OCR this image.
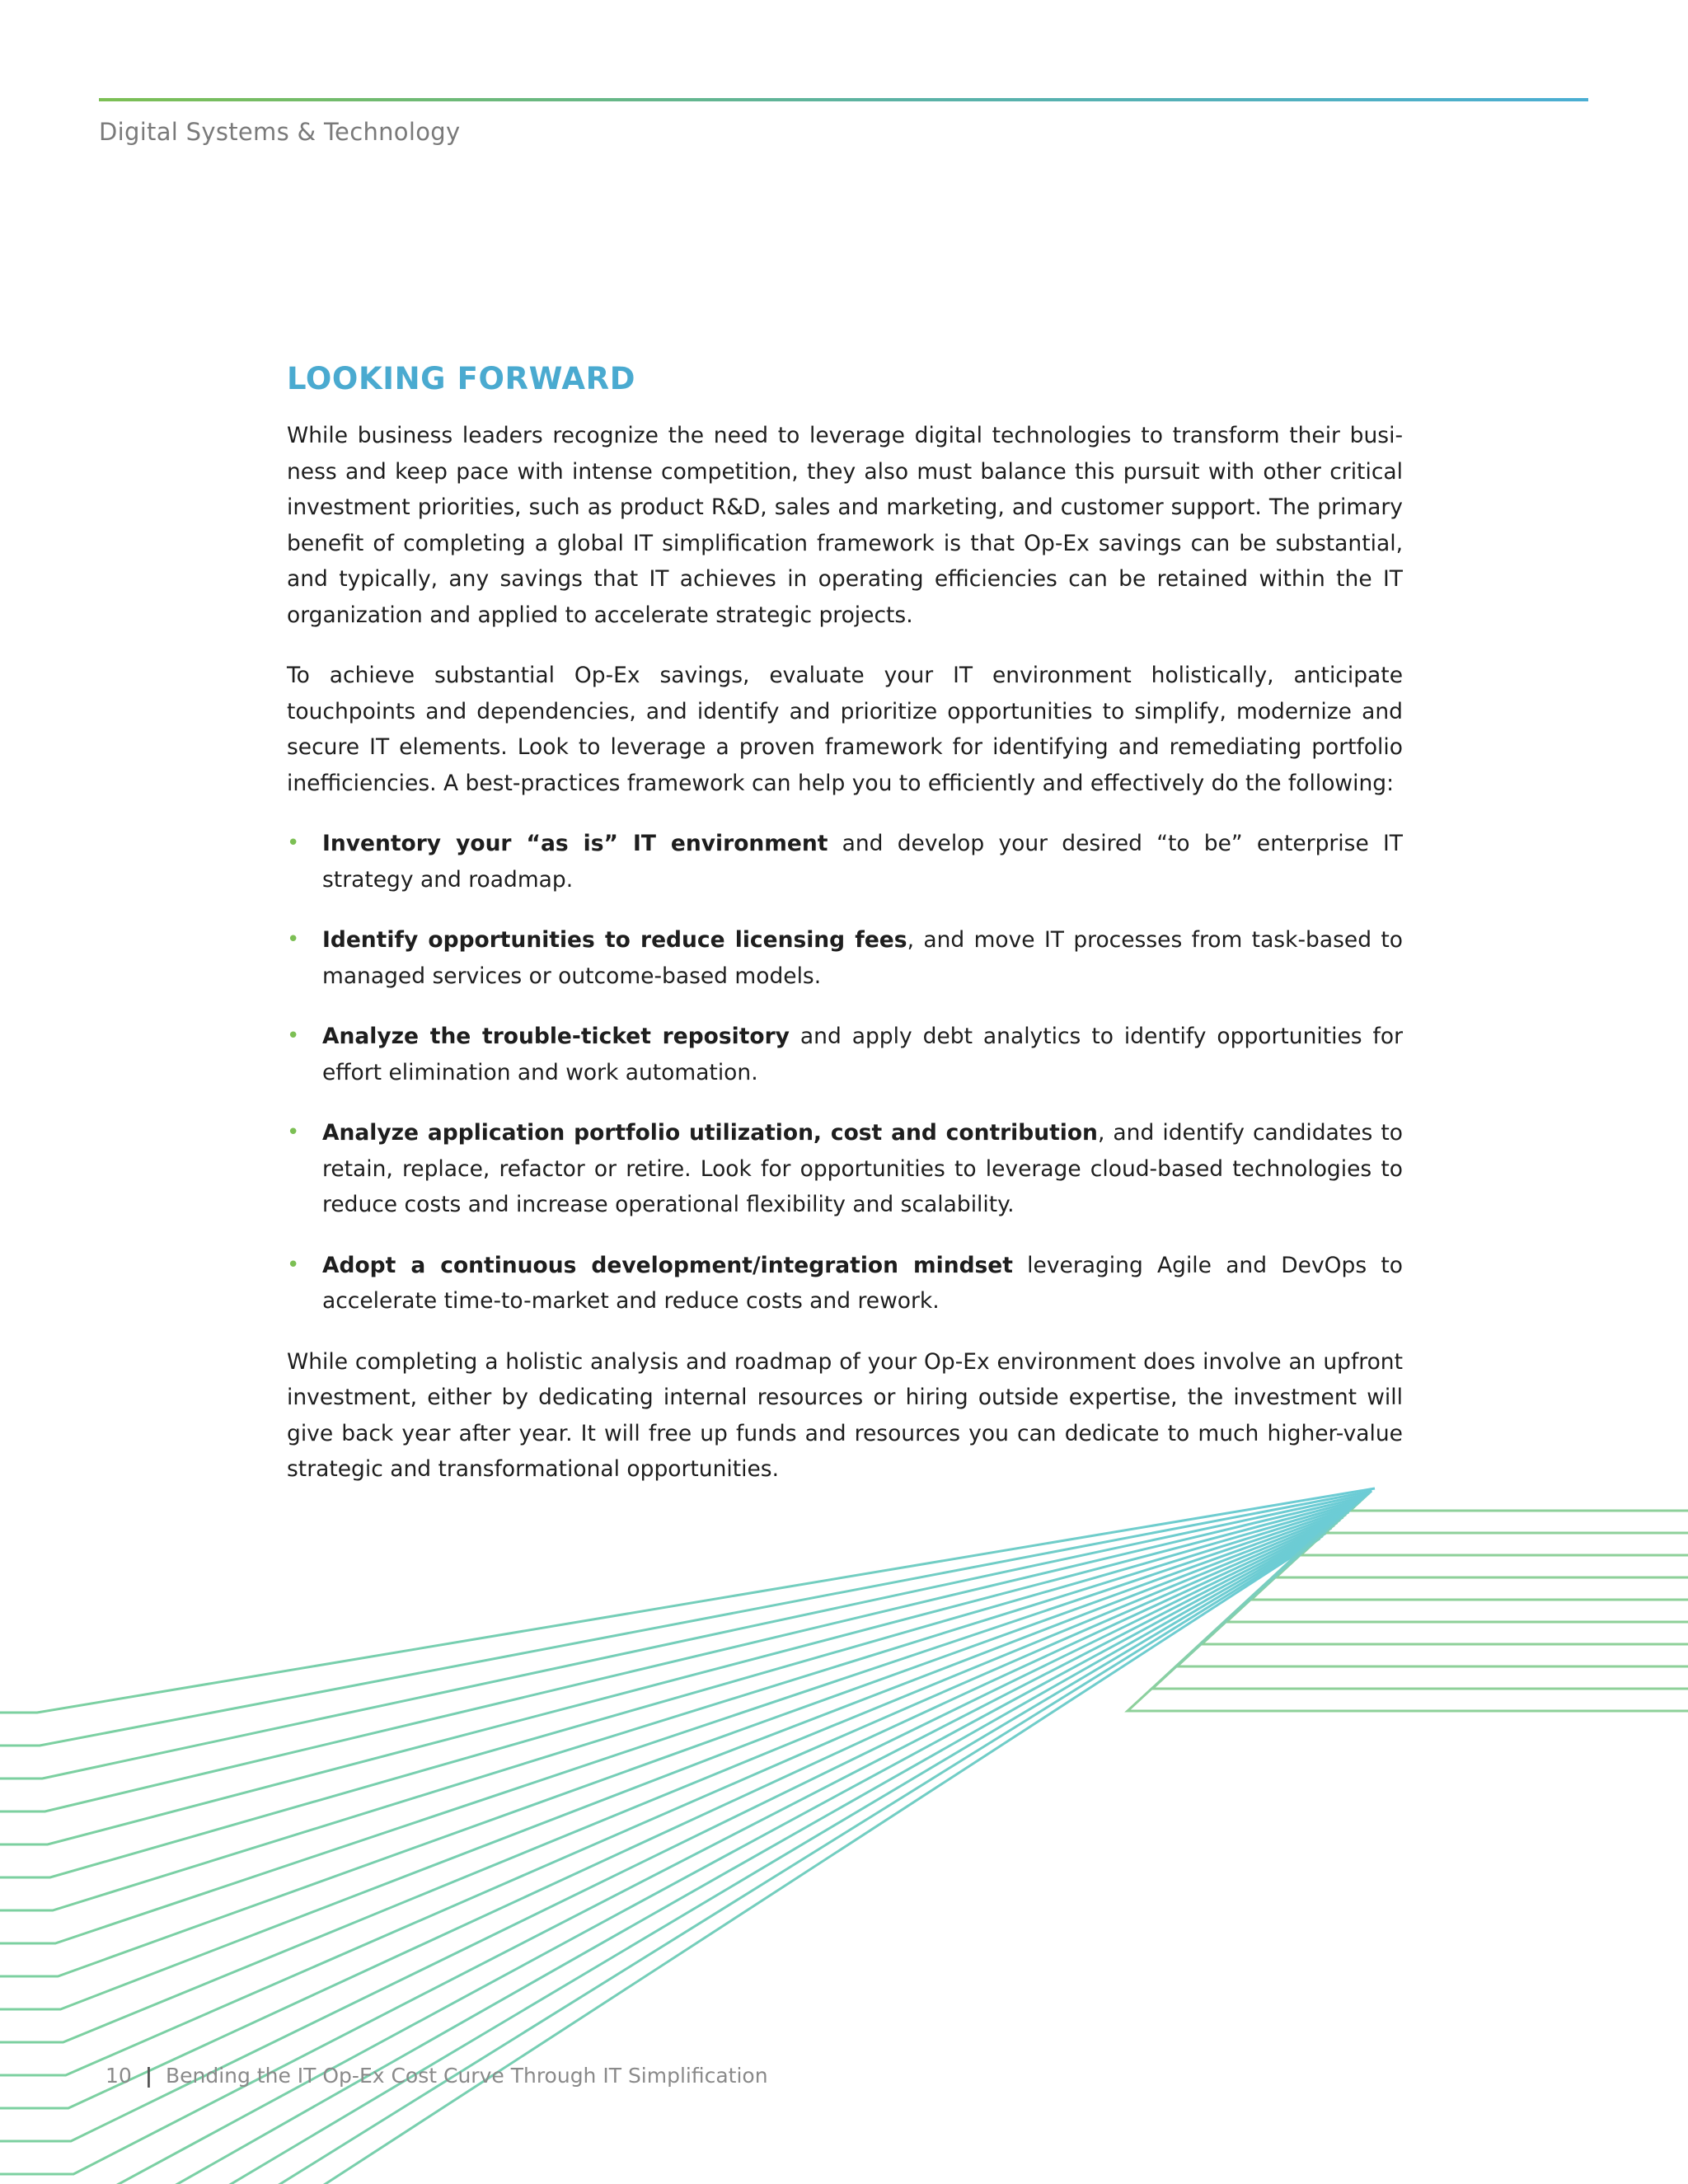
Digital Systems & Technology
LOOKING FORWARD

While business leaders recognize the need to leverage digital technologies to transform their business and keep pace with intense competition, they also must balance this pursuit with other critical investment priorities, such as product R&D, sales and marketing, and customer support. The primary benefit of completing a global IT simplification framework is that Op-Ex savings can be substantial, and typically, any savings that IT achieves in operating efficiencies can be retained within the IT organization and applied to accelerate strategic projects.

To achieve substantial Op-Ex savings, evaluate your IT environment holistically, anticipate touchpoints and dependencies, and identify and prioritize opportunities to simplify, modernize and secure IT elements. Look to leverage a proven framework for identifying and remediating portfolio inefficiencies. A best-practices framework can help you to efficiently and effectively do the following:

• Inventory your “as is” IT environment and develop your desired “to be” enterprise IT strategy and roadmap.
• Identify opportunities to reduce licensing fees, and move IT processes from task-based to managed services or outcome-based models.
• Analyze the trouble-ticket repository and apply debt analytics to identify opportunities for effort elimination and work automation.
• Analyze application portfolio utilization, cost and contribution, and identify candidates to retain, replace, refactor or retire. Look for opportunities to leverage cloud-based technologies to reduce costs and increase operational flexibility and scalability.
• Adopt a continuous development/integration mindset leveraging Agile and DevOps to accelerate time-to-market and reduce costs and rework.

While completing a holistic analysis and roadmap of your Op-Ex environment does involve an upfront investment, either by dedicating internal resources or hiring outside expertise, the investment will give back year after year. It will free up funds and resources you can dedicate to much higher-value strategic and transformational opportunities.

10 | Bending the IT Op-Ex Cost Curve Through IT Simplification
